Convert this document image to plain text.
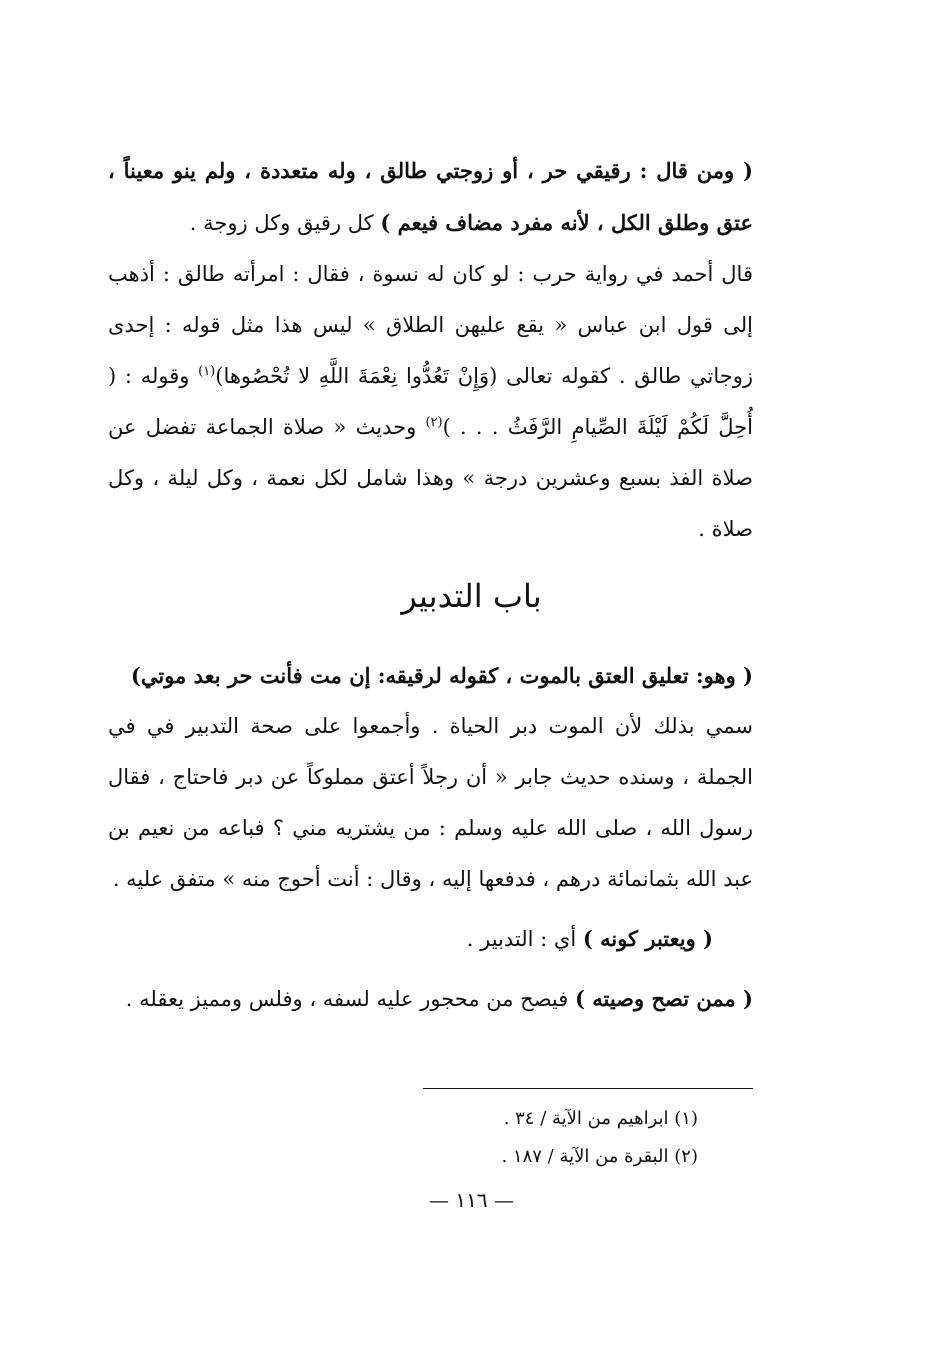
( ومن قال : رقيقي حر ، أو زوجتي طالق ، وله متعددة ، ولم ينو معيناً ، عتق وطلق الكل ، لأنه مفرد مضاف فيعم ) كل رقيق وكل زوجة .

قال أحمد في رواية حرب : لو كان له نسوة ، فقال : امرأته طالق : أذهب إلى قول ابن عباس « يقع عليهن الطلاق » ليس هذا مثل قوله : إحدى زوجاتي طالق . كقوله تعالى (وَإِنْ تَعُدُّوا نِعْمَةَ اللَّهِ لا تُحْصُوها)$^{(١)}$ وقوله : ( أُحِلَّ لَكُمْ لَيْلَةَ الصِّيامِ الرَّفَثُ . . . )$^{(٢)}$ وحديث « صلاة الجماعة تفضل عن صلاة الفذ بسبع وعشرين درجة » وهذا شامل لكل نعمة ، وكل ليلة ، وكل صلاة .

باب التدبير

( وهو: تعليق العتق بالموت ، كقوله لرقيقه: إن مت فأنت حر بعد موتي)

سمي بذلك لأن الموت دبر الحياة . وأجمعوا على صحة التدبير في في الجملة ، وسنده حديث جابر « أن رجلاً أعتق مملوكاً عن دبر فاحتاج ، فقال رسول الله ، صلى الله عليه وسلم : من يشتريه مني ؟ فباعه من نعيم بن عبد الله بثمانمائة درهم ، فدفعها إليه ، وقال : أنت أحوج منه » متفق عليه .

( ويعتبر كونه ) أي : التدبير .

( ممن تصح وصيته ) فيصح من محجور عليه لسفه ، وفلس ومميز يعقله .

(١) ابراهيم من الآية / ٣٤ .

(٢) البقرة من الآية / ١٨٧ .

— ١١٦ —
